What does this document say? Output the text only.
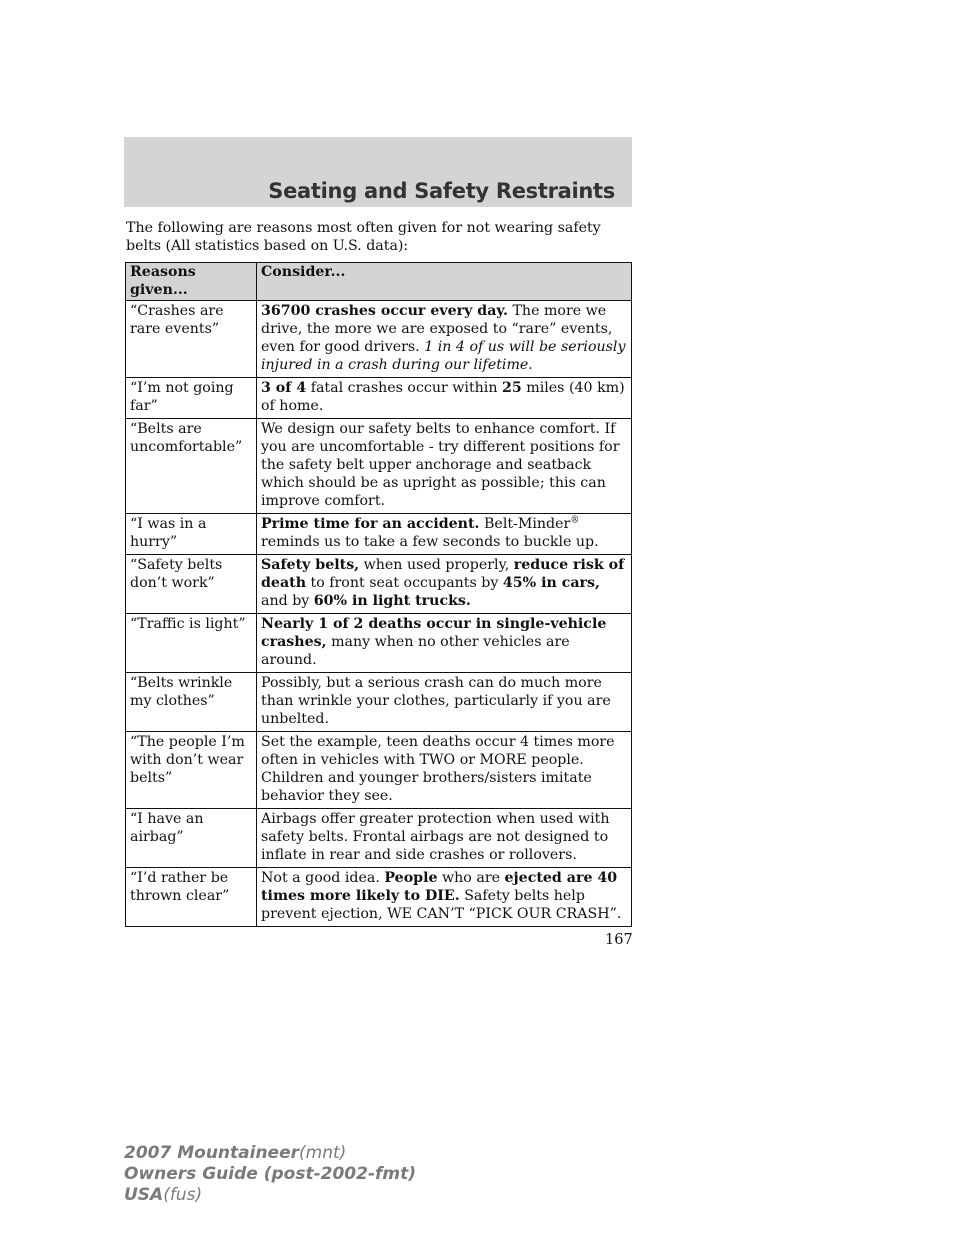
Seating and Safety Restraints

The following are reasons most often given for not wearing safety belts (All statistics based on U.S. data):

Reasons given...	Consider...
“Crashes are rare events”	36700 crashes occur every day. The more we drive, the more we are exposed to “rare” events, even for good drivers. 1 in 4 of us will be seriously injured in a crash during our lifetime.
“I’m not going far”	3 of 4 fatal crashes occur within 25 miles (40 km) of home.
“Belts are uncomfortable”	We design our safety belts to enhance comfort. If you are uncomfortable - try different positions for the safety belt upper anchorage and seatback which should be as upright as possible; this can improve comfort.
“I was in a hurry”	Prime time for an accident. Belt-Minder® reminds us to take a few seconds to buckle up.
“Safety belts don’t work”	Safety belts, when used properly, reduce risk of death to front seat occupants by 45% in cars, and by 60% in light trucks.
“Traffic is light”	Nearly 1 of 2 deaths occur in single-vehicle crashes, many when no other vehicles are around.
“Belts wrinkle my clothes”	Possibly, but a serious crash can do much more than wrinkle your clothes, particularly if you are unbelted.
“The people I’m with don’t wear belts”	Set the example, teen deaths occur 4 times more often in vehicles with TWO or MORE people. Children and younger brothers/sisters imitate behavior they see.
“I have an airbag”	Airbags offer greater protection when used with safety belts. Frontal airbags are not designed to inflate in rear and side crashes or rollovers.
“I’d rather be thrown clear”	Not a good idea. People who are ejected are 40 times more likely to DIE. Safety belts help prevent ejection, WE CAN’T “PICK OUR CRASH”.
167
2007 Mountaineer(mnt)
Owners Guide (post-2002-fmt)
USA(fus)
